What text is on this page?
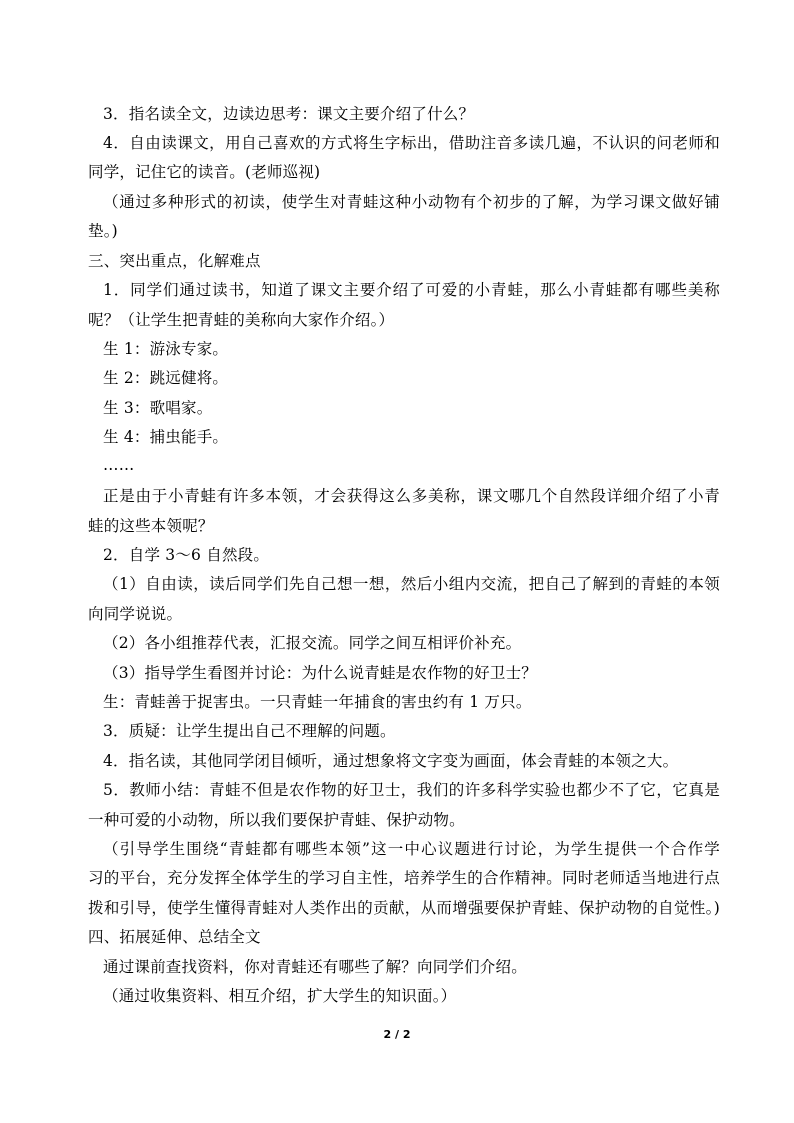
3．指名读全文，边读边思考：课文主要介绍了什么？
4．自由读课文，用自己喜欢的方式将生字标出，借助注音多读几遍，不认识的问老师和
同学，记住它的读音。(老师巡视)
（通过多种形式的初读，使学生对青蛙这种小动物有个初步的了解，为学习课文做好铺
垫。)
三、突出重点，化解难点
1．同学们通过读书，知道了课文主要介绍了可爱的小青蛙，那么小青蛙都有哪些美称
呢？（让学生把青蛙的美称向大家作介绍。）
生 1：游泳专家。
生 2：跳远健将。
生 3：歌唱家。
生 4：捕虫能手。
……
正是由于小青蛙有许多本领，才会获得这么多美称，课文哪几个自然段详细介绍了小青
蛙的这些本领呢？
2．自学 3～6 自然段。
（1）自由读，读后同学们先自己想一想，然后小组内交流，把自己了解到的青蛙的本领
向同学说说。
（2）各小组推荐代表，汇报交流。同学之间互相评价补充。
（3）指导学生看图并讨论：为什么说青蛙是农作物的好卫士？
生：青蛙善于捉害虫。一只青蛙一年捕食的害虫约有 1 万只。
3．质疑：让学生提出自己不理解的问题。
4．指名读，其他同学闭目倾听，通过想象将文字变为画面，体会青蛙的本领之大。
5．教师小结：青蛙不但是农作物的好卫士，我们的许多科学实验也都少不了它，它真是
一种可爱的小动物，所以我们要保护青蛙、保护动物。
（引导学生围绕“青蛙都有哪些本领”这一中心议题进行讨论，为学生提供一个合作学
习的平台，充分发挥全体学生的学习自主性，培养学生的合作精神。同时老师适当地进行点
拨和引导，使学生懂得青蛙对人类作出的贡献，从而增强要保护青蛙、保护动物的自觉性。)
四、拓展延伸、总结全文
通过课前查找资料，你对青蛙还有哪些了解？向同学们介绍。
（通过收集资料、相互介绍，扩大学生的知识面。）
2 / 2
